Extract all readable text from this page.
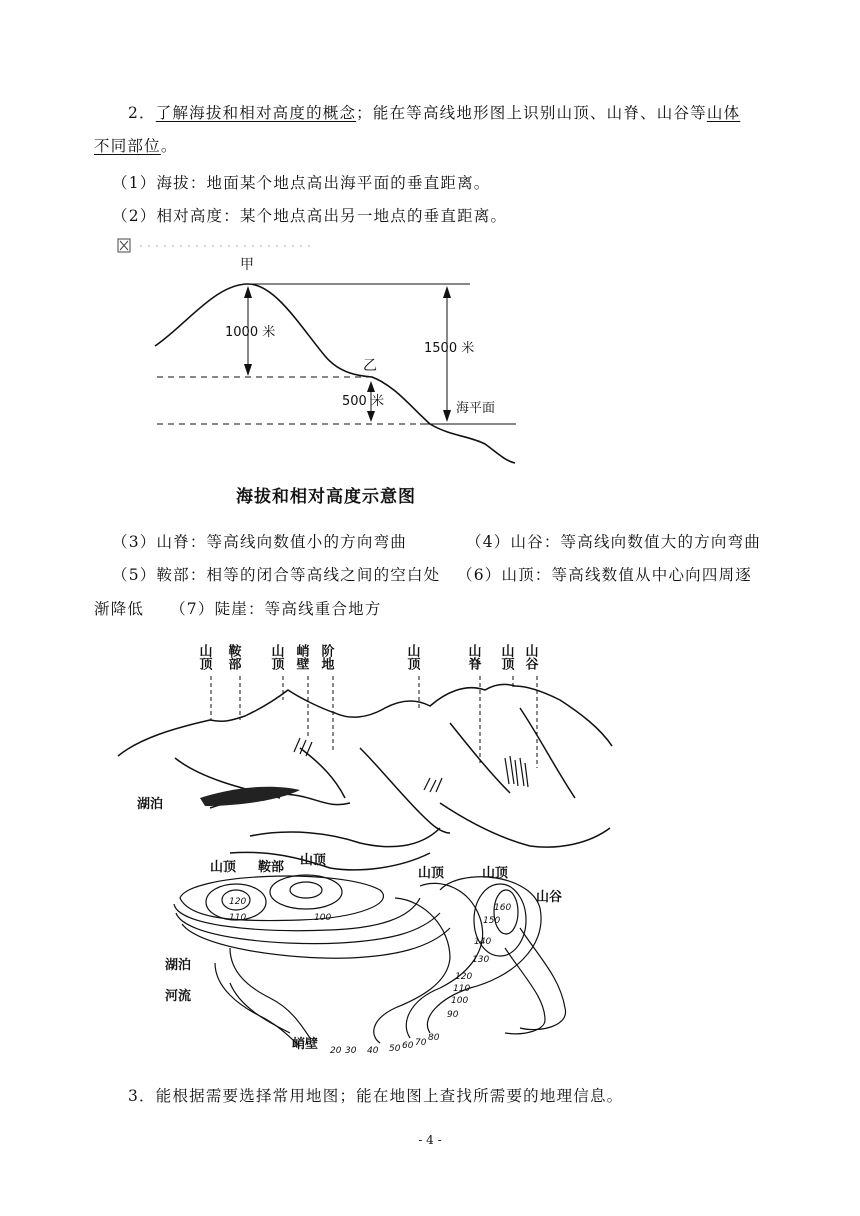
2．了解海拔和相对高度的概念；能在等高线地形图上识别山顶、山脊、山谷等山体
不同部位。
（1）海拔：地面某个地点高出海平面的垂直距离。
（2）相对高度：某个地点高出另一地点的垂直距离。
甲
乙
1000 米
1500 米
500 米	海平面
海拔和相对高度示意图
（3）山脊：等高线向数值小的方向弯曲	（4）山谷：等高线向数值大的方向弯曲
（5）鞍部：相等的闭合等高线之间的空白处 （6）山顶：等高线数值从中心向四周逐
渐降低 （7）陡崖：等高线重合地方
山顶 鞍部 山顶 峭壁 阶地	山顶	山脊 山顶 山谷
湖泊
山顶 鞍部 山顶
山顶	山顶
山谷
湖泊
河流
峭壁
120
110	100
160
150
140
130
120
110
100
90
20 30 40 50 60 70 80
3．能根据需要选择常用地图；能在地图上查找所需要的地理信息。
- 4 -
